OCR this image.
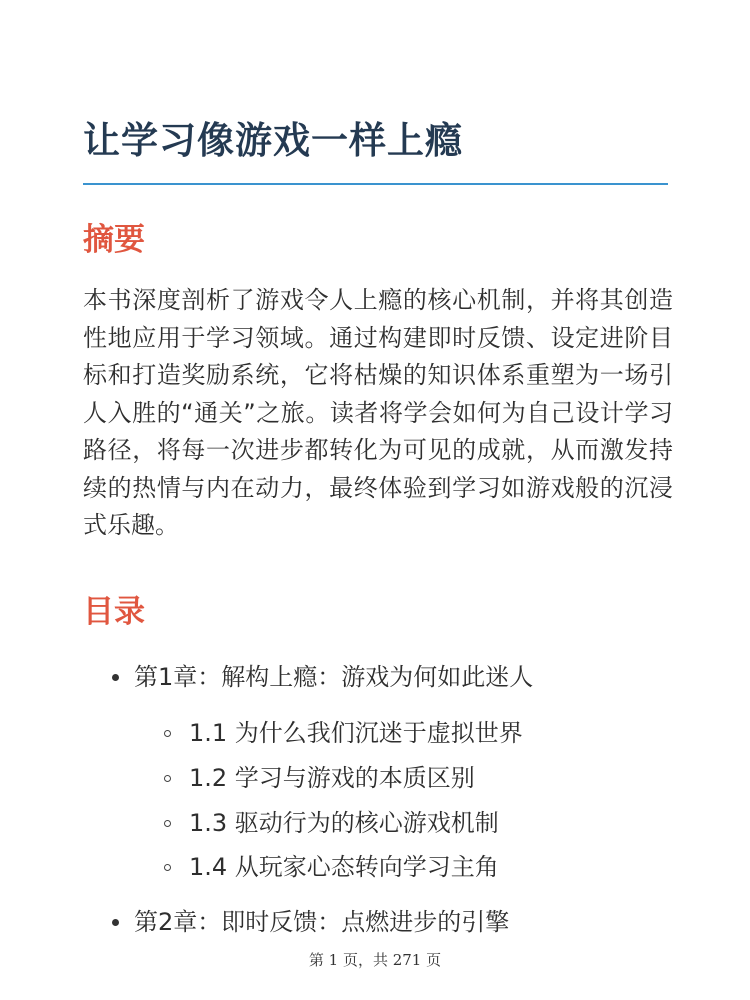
让学习像游戏一样上瘾
摘要

本书深度剖析了游戏令人上瘾的核心机制，并将其创造性地应用于学习领域。通过构建即时反馈、设定进阶目标和打造奖励系统，它将枯燥的知识体系重塑为一场引人入胜的“通关”之旅。读者将学会如何为自己设计学习路径，将每一次进步都转化为可见的成就，从而激发持续的热情与内在动力，最终体验到学习如游戏般的沉浸式乐趣。

目录
第1章：解构上瘾：游戏为何如此迷人
1.1 为什么我们沉迷于虚拟世界
1.2 学习与游戏的本质区别
1.3 驱动行为的核心游戏机制
1.4 从玩家心态转向学习主角
第2章：即时反馈：点燃进步的引擎
第 1 页，共 271 页
